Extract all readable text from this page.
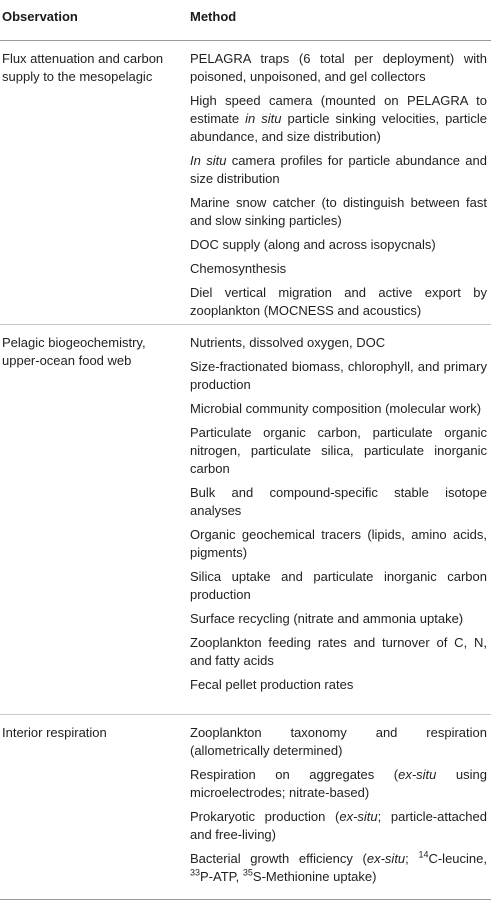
Observation	Method
Flux attenuation and carbon supply to the mesopelagic
PELAGRA traps (6 total per deployment) with poisoned, unpoisoned, and gel collectors
High speed camera (mounted on PELAGRA to estimate in situ particle sinking velocities, particle abundance, and size distribution)
In situ camera profiles for particle abundance and size distribution
Marine snow catcher (to distinguish between fast and slow sinking particles)
DOC supply (along and across isopycnals)
Chemosynthesis
Diel vertical migration and active export by zooplankton (MOCNESS and acoustics)
Pelagic biogeochemistry, upper-ocean food web
Nutrients, dissolved oxygen, DOC
Size-fractionated biomass, chlorophyll, and primary production
Microbial community composition (molecular work)
Particulate organic carbon, particulate organic nitrogen, particulate silica, particulate inorganic carbon
Bulk and compound-specific stable isotope analyses
Organic geochemical tracers (lipids, amino acids, pigments)
Silica uptake and particulate inorganic carbon production
Surface recycling (nitrate and ammonia uptake)
Zooplankton feeding rates and turnover of C, N, and fatty acids
Fecal pellet production rates
Interior respiration	Zooplankton taxonomy and respiration (allometrically determined)
Respiration on aggregates (ex-situ using microelectrodes; nitrate-based)
Prokaryotic production (ex-situ; particle-attached and free-living)
Bacterial growth efficiency (ex-situ; $^{14}$C-leucine, $^{33}$P-ATP, $^{35}$S-Methionine uptake)
